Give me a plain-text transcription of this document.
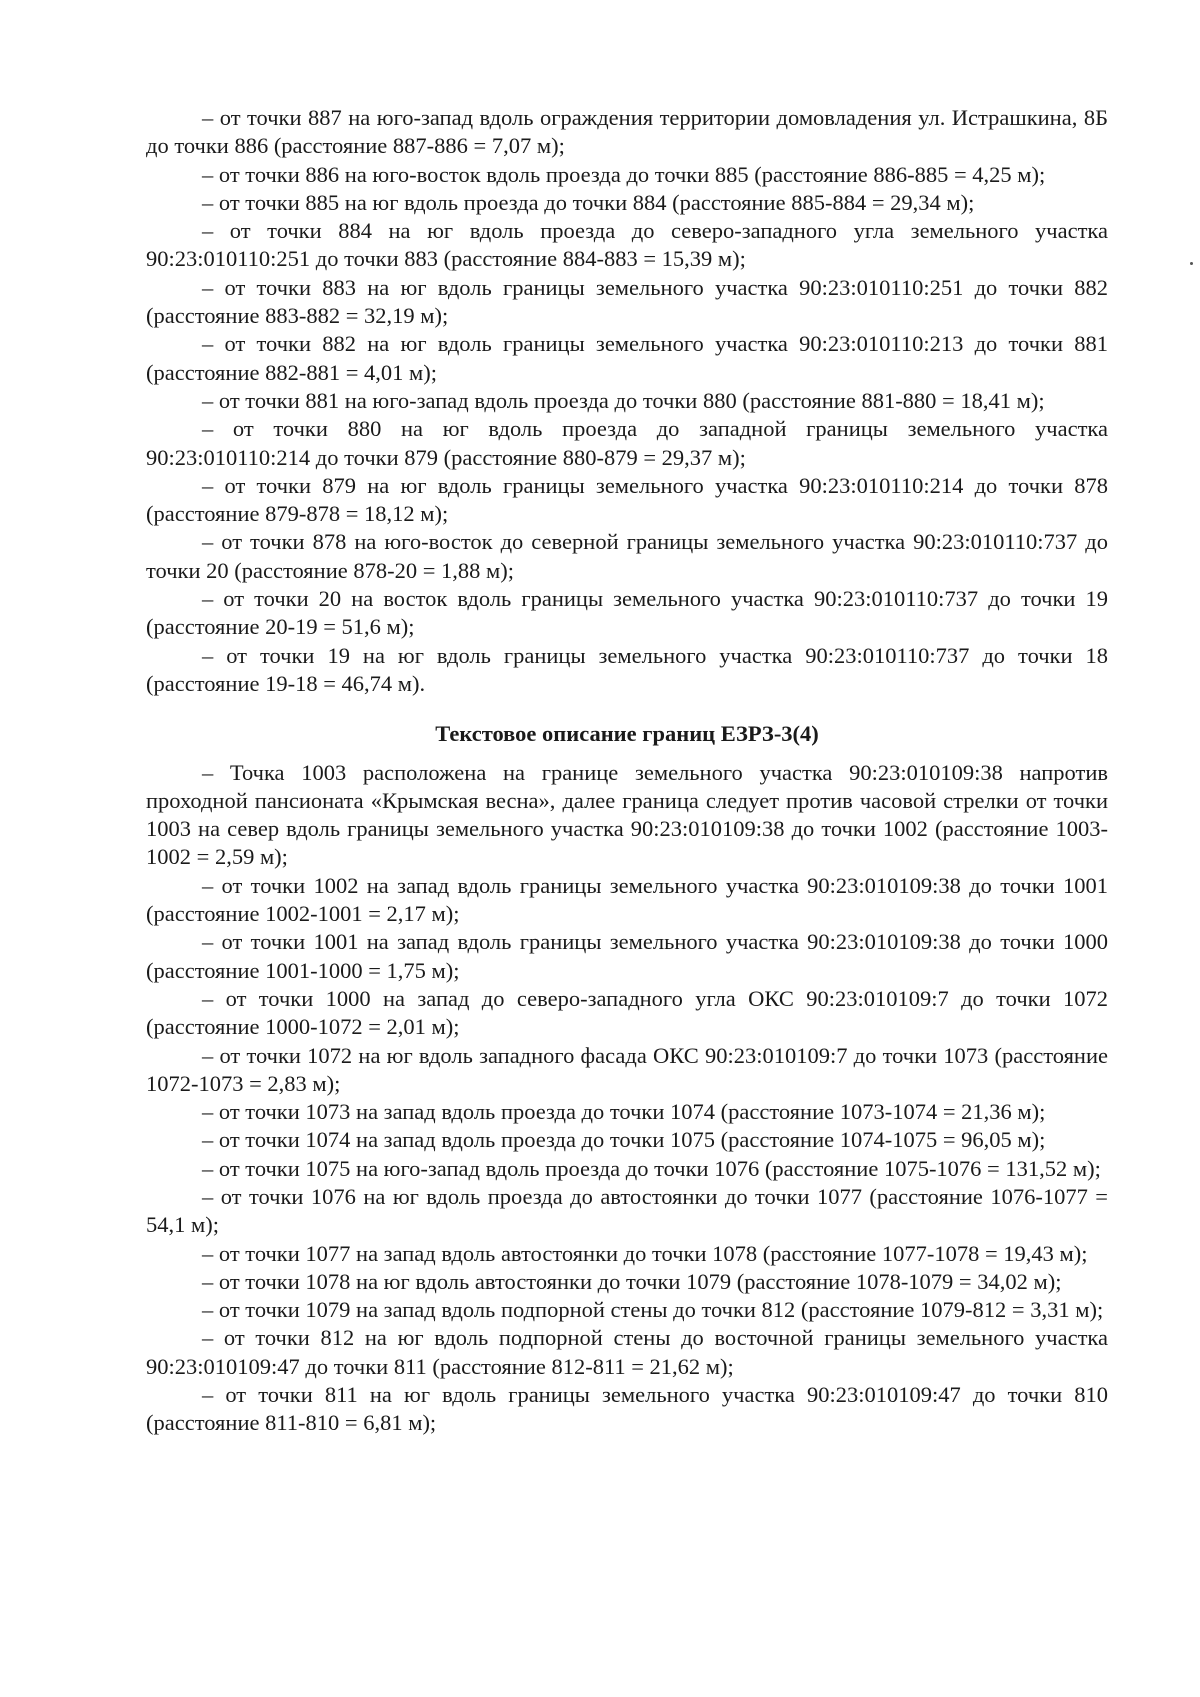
– от точки 887 на юго-запад вдоль ограждения территории домовладения ул. Истрашкина, 8Б до точки 886 (расстояние 887-886 = 7,07 м);

– от точки 886 на юго-восток вдоль проезда до точки 885 (расстояние 886-885 = 4,25 м);

– от точки 885 на юг вдоль проезда до точки 884 (расстояние 885-884 = 29,34 м);

– от точки 884 на юг вдоль проезда до северо-западного угла земельного участка 90:23:010110:251 до точки 883 (расстояние 884-883 = 15,39 м);

– от точки 883 на юг вдоль границы земельного участка 90:23:010110:251 до точки 882 (расстояние 883-882 = 32,19 м);

– от точки 882 на юг вдоль границы земельного участка 90:23:010110:213 до точки 881 (расстояние 882-881 = 4,01 м);

– от точки 881 на юго-запад вдоль проезда до точки 880 (расстояние 881-880 = 18,41 м);

– от точки 880 на юг вдоль проезда до западной границы земельного участка 90:23:010110:214 до точки 879 (расстояние 880-879 = 29,37 м);

– от точки 879 на юг вдоль границы земельного участка 90:23:010110:214 до точки 878 (расстояние 879-878 = 18,12 м);

– от точки 878 на юго-восток до северной границы земельного участка 90:23:010110:737 до точки 20 (расстояние 878-20 = 1,88 м);

– от точки 20 на восток вдоль границы земельного участка 90:23:010110:737 до точки 19 (расстояние 20-19 = 51,6 м);

– от точки 19 на юг вдоль границы земельного участка 90:23:010110:737 до точки 18 (расстояние 19-18 = 46,74 м).

Текстовое описание границ ЕЗРЗ-3(4)

– Точка 1003 расположена на границе земельного участка 90:23:010109:38 напротив проходной пансионата «Крымская весна», далее граница следует против часовой стрелки от точки 1003 на север вдоль границы земельного участка 90:23:010109:38 до точки 1002 (расстояние 1003-1002 = 2,59 м);

– от точки 1002 на запад вдоль границы земельного участка 90:23:010109:38 до точки 1001 (расстояние 1002-1001 = 2,17 м);

– от точки 1001 на запад вдоль границы земельного участка 90:23:010109:38 до точки 1000 (расстояние 1001-1000 = 1,75 м);

– от точки 1000 на запад до северо-западного угла ОКС 90:23:010109:7 до точки 1072 (расстояние 1000-1072 = 2,01 м);

– от точки 1072 на юг вдоль западного фасада ОКС 90:23:010109:7 до точки 1073 (расстояние 1072-1073 = 2,83 м);

– от точки 1073 на запад вдоль проезда до точки 1074 (расстояние 1073-1074 = 21,36 м);

– от точки 1074 на запад вдоль проезда до точки 1075 (расстояние 1074-1075 = 96,05 м);

– от точки 1075 на юго-запад вдоль проезда до точки 1076 (расстояние 1075-1076 = 131,52 м);

– от точки 1076 на юг вдоль проезда до автостоянки до точки 1077 (расстояние 1076-1077 = 54,1 м);

– от точки 1077 на запад вдоль автостоянки до точки 1078 (расстояние 1077-1078 = 19,43 м);

– от точки 1078 на юг вдоль автостоянки до точки 1079 (расстояние 1078-1079 = 34,02 м);

– от точки 1079 на запад вдоль подпорной стены до точки 812 (расстояние 1079-812 = 3,31 м);

– от точки 812 на юг вдоль подпорной стены до восточной границы земельного участка 90:23:010109:47 до точки 811 (расстояние 812-811 = 21,62 м);

– от точки 811 на юг вдоль границы земельного участка 90:23:010109:47 до точки 810 (расстояние 811-810 = 6,81 м);
